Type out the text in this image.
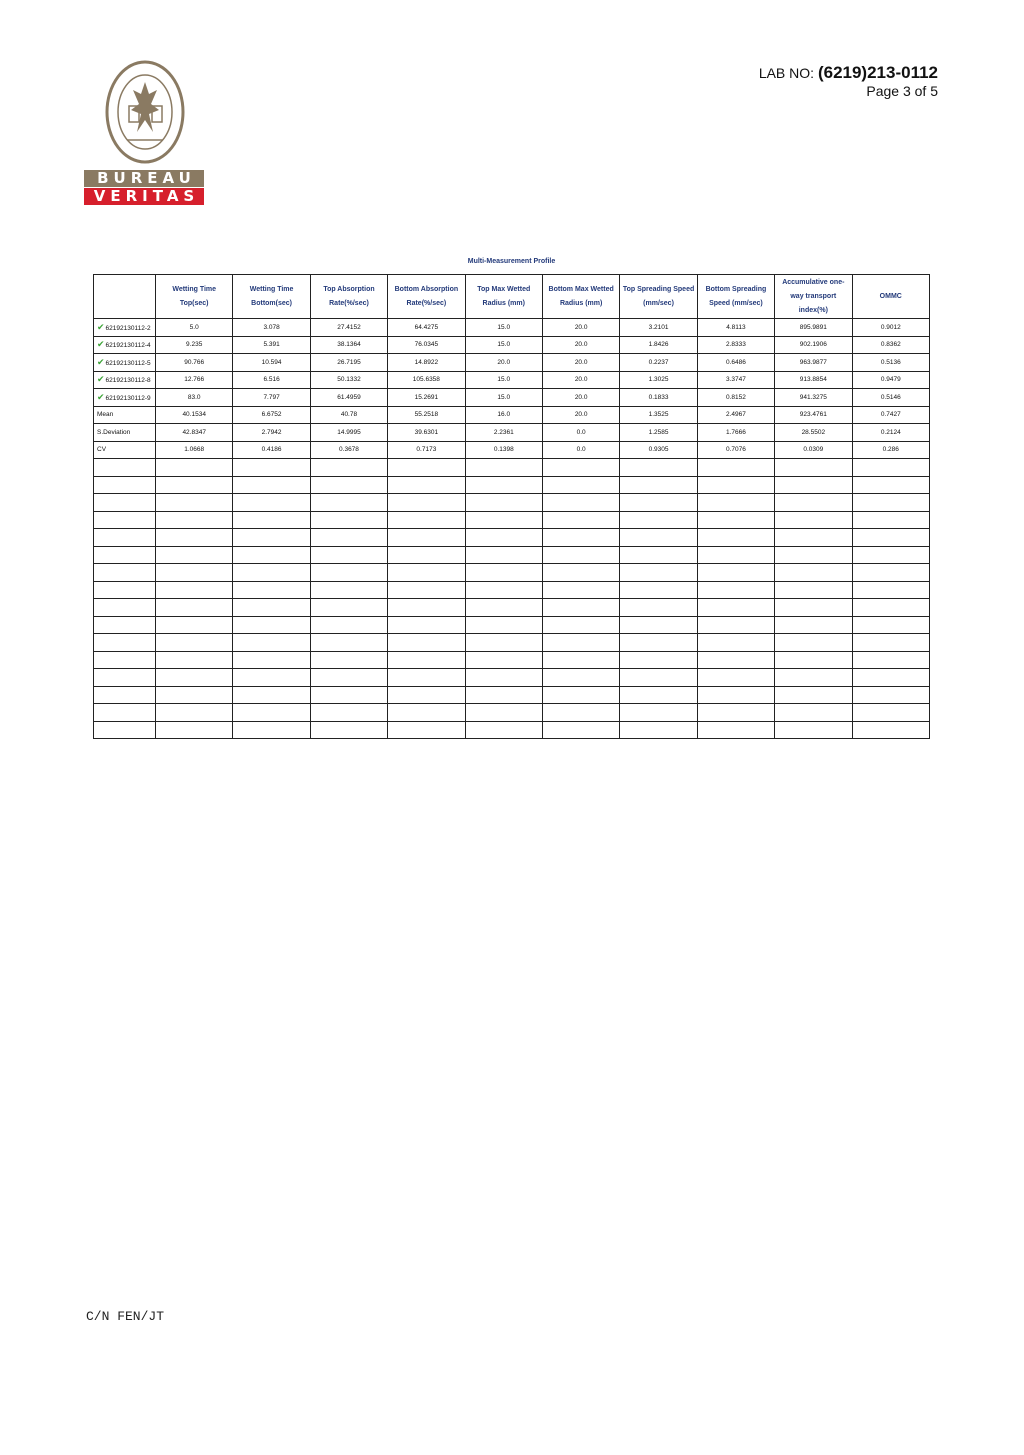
BUREAU
VERITAS
LAB NO: (6219)213-0112
Page 3 of 5
Multi-Measurement Profile
	Wetting Time Top(sec)	Wetting Time Bottom(sec)	Top Absorption Rate(%/sec)	Bottom Absorption Rate(%/sec)	Top Max Wetted Radius (mm)	Bottom Max Wetted Radius (mm)	Top Spreading Speed (mm/sec)	Bottom Spreading Speed (mm/sec)	Accumulative one-way transport index(%)	OMMC
✔62192130112-2	5.0	3.078	27.4152	64.4275	15.0	20.0	3.2101	4.8113	895.9891	0.9012
✔62192130112-4	9.235	5.391	38.1364	76.0345	15.0	20.0	1.8426	2.8333	902.1906	0.8362
✔62192130112-5	90.766	10.594	26.7195	14.8922	20.0	20.0	0.2237	0.6486	963.9877	0.5136
✔62192130112-8	12.766	6.516	50.1332	105.6358	15.0	20.0	1.3025	3.3747	913.8854	0.9479
✔62192130112-9	83.0	7.797	61.4959	15.2691	15.0	20.0	0.1833	0.8152	941.3275	0.5146
Mean	40.1534	6.6752	40.78	55.2518	16.0	20.0	1.3525	2.4967	923.4761	0.7427
S.Deviation	42.8347	2.7942	14.9995	39.6301	2.2361	0.0	1.2585	1.7666	28.5502	0.2124
CV	1.0668	0.4186	0.3678	0.7173	0.1398	0.0	0.9305	0.7076	0.0309	0.286

C/N FEN/JT
